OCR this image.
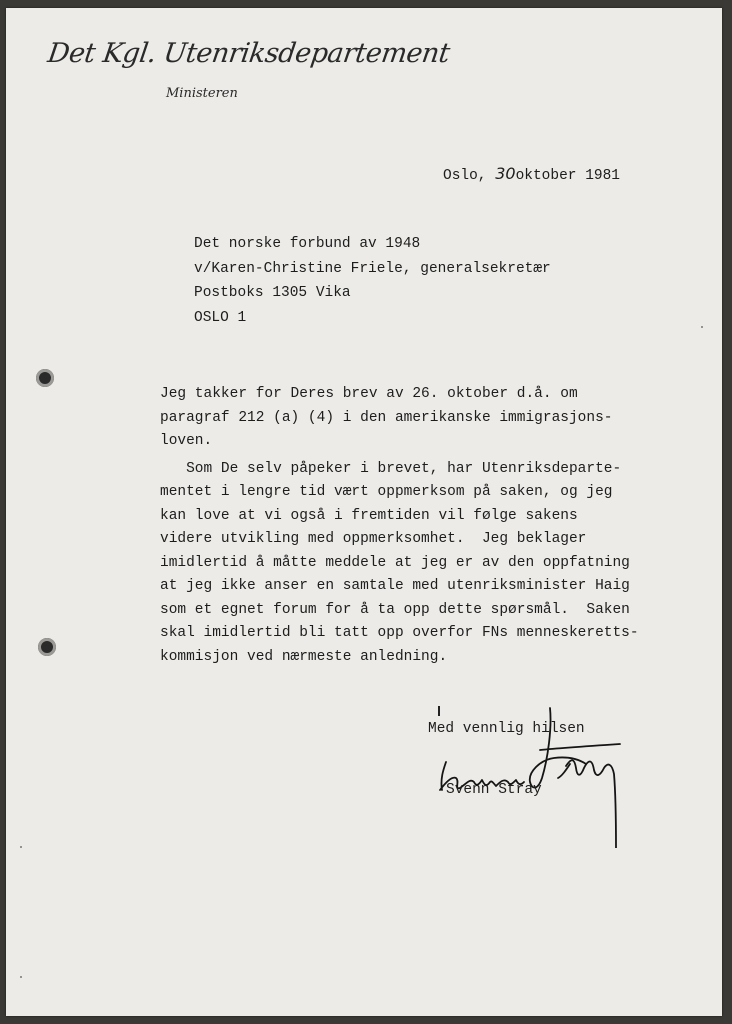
Det Kgl. Utenriksdepartement
Ministeren
Oslo, 30oktober 1981
Det norske forbund av 1948
v/Karen-Christine Friele, generalsekretær
Postboks 1305 Vika
OSLO 1

Jeg takker for Deres brev av 26. oktober d.å. om
paragraf 212 (a) (4) i den amerikanske immigrasjons-
loven.

Som De selv påpeker i brevet, har Utenriksdeparte-
mentet i lengre tid vært oppmerksom på saken, og jeg
kan love at vi også i fremtiden vil følge sakens
videre utvikling med oppmerksomhet.  Jeg beklager
imidlertid å måtte meddele at jeg er av den oppfatning
at jeg ikke anser en samtale med utenriksminister Haig
som et egnet forum for å ta opp dette spørsmål.  Saken
skal imidlertid bli tatt opp overfor FNs menneskeretts-
kommisjon ved nærmeste anledning.

Med vennlig hilsen
Svenn Stray
